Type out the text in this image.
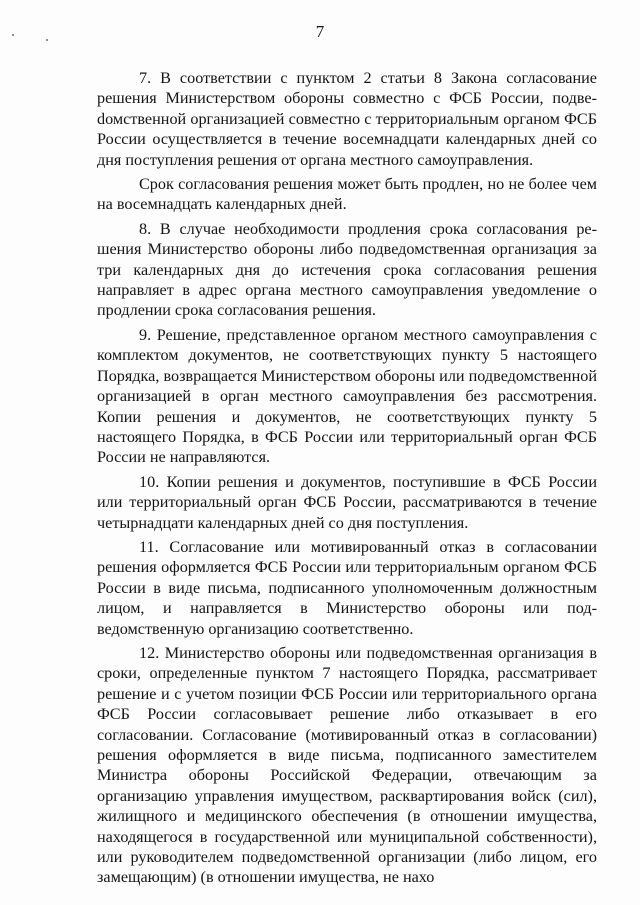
7

7. В соответствии с пунктом 2 статьи 8 Закона согласование решения Министерством обороны совместно с ФСБ России, подвеdомственной организацией совместно с территориальным органом ФСБ России осуществляется в течение восемнадцати календарных дней со дня поступления решения от органа местного самоуправления.

Срок согласования решения может быть продлен, но не более чем на восемнадцать календарных дней.

8. В случае необходимости продления срока согласования решения Министерство обороны либо подведомственная организация за три календарных дня до истечения срока согласования решения направляет в адрес органа местного самоуправления уведомление о продлении срока согласования решения.

9. Решение, представленное органом местного самоуправления с комплектом документов, не соответствующих пункту 5 настоящего Порядка, возвращается Министерством обороны или подведомственной организацией в орган местного самоуправления без рассмотрения. Копии решения и документов, не соответствующих пункту 5 настоящего Порядка, в ФСБ России или территориальный орган ФСБ России не направляются.

10. Копии решения и документов, поступившие в ФСБ России или территориальный орган ФСБ России, рассматриваются в течение четырнадцати календарных дней со дня поступления.

11. Согласование или мотивированный отказ в согласовании решения оформляется ФСБ России или территориальным органом ФСБ России в виде письма, подписанного уполномоченным должностным лицом, и направляется в Министерство обороны или подведомственную организацию соответственно.

12. Министерство обороны или подведомственная организация в сроки, определенные пунктом 7 настоящего Порядка, рассматривает решение и с учетом позиции ФСБ России или территориального органа ФСБ России согласовывает решение либо отказывает в его согласовании. Согласование (мотивированный отказ в согласовании) решения оформляется в виде письма, подписанного заместителем Министра обороны Российской Федерации, отвечающим за организацию управления имуществом, расквартирования войск (сил), жилищного и медицинского обеспечения (в отношении имущества, находящегося в государственной или муниципальной собственности), или руководителем подведомственной организации (либо лицом, его замещающим) (в отношении имущества, не нахо
